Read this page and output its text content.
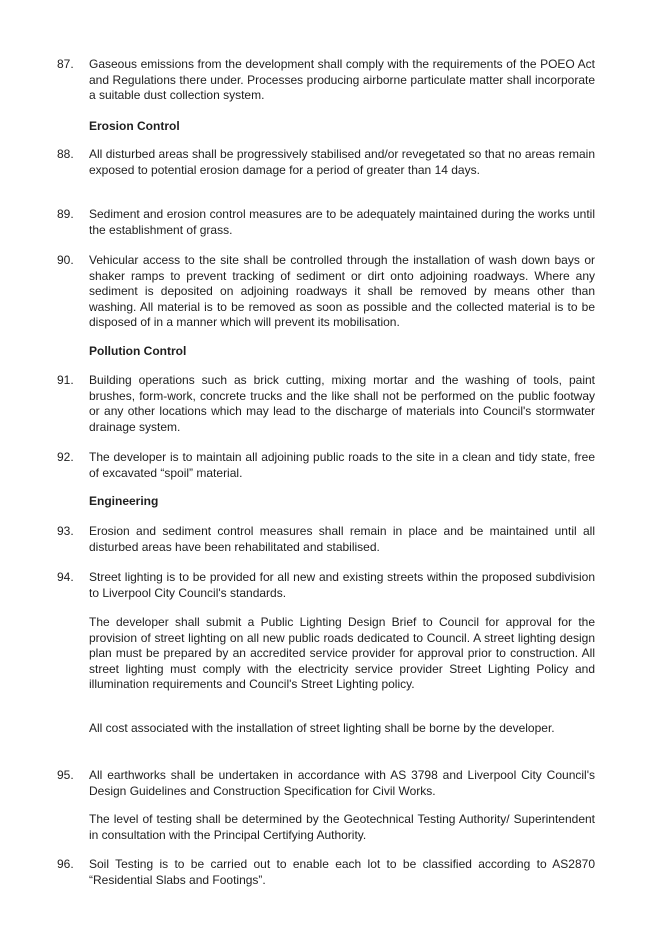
87.	Gaseous emissions from the development shall comply with the requirements of the POEO Act and Regulations there under. Processes producing airborne particulate matter shall incorporate a suitable dust collection system.
Erosion Control
88.	All disturbed areas shall be progressively stabilised and/or revegetated so that no areas remain exposed to potential erosion damage for a period of greater than 14 days.
89.	Sediment and erosion control measures are to be adequately maintained during the works until the establishment of grass.
90.	Vehicular access to the site shall be controlled through the installation of wash down bays or shaker ramps to prevent tracking of sediment or dirt onto adjoining roadways. Where any sediment is deposited on adjoining roadways it shall be removed by means other than washing. All material is to be removed as soon as possible and the collected material is to be disposed of in a manner which will prevent its mobilisation.
Pollution Control
91.	Building operations such as brick cutting, mixing mortar and the washing of tools, paint brushes, form-work, concrete trucks and the like shall not be performed on the public footway or any other locations which may lead to the discharge of materials into Council's stormwater drainage system.
92.	The developer is to maintain all adjoining public roads to the site in a clean and tidy state, free of excavated “spoil” material.
Engineering
93.	Erosion and sediment control measures shall remain in place and be maintained until all disturbed areas have been rehabilitated and stabilised.
94.	Street lighting is to be provided for all new and existing streets within the proposed subdivision to Liverpool City Council's standards.
The developer shall submit a Public Lighting Design Brief to Council for approval for the provision of street lighting on all new public roads dedicated to Council. A street lighting design plan must be prepared by an accredited service provider for approval prior to construction. All street lighting must comply with the electricity service provider Street Lighting Policy and illumination requirements and Council's Street Lighting policy.
All cost associated with the installation of street lighting shall be borne by the developer.
95.	All earthworks shall be undertaken in accordance with AS 3798 and Liverpool City Council's Design Guidelines and Construction Specification for Civil Works.
The level of testing shall be determined by the Geotechnical Testing Authority/ Superintendent in consultation with the Principal Certifying Authority.
96.	Soil Testing is to be carried out to enable each lot to be classified according to AS2870 “Residential Slabs and Footings”.
